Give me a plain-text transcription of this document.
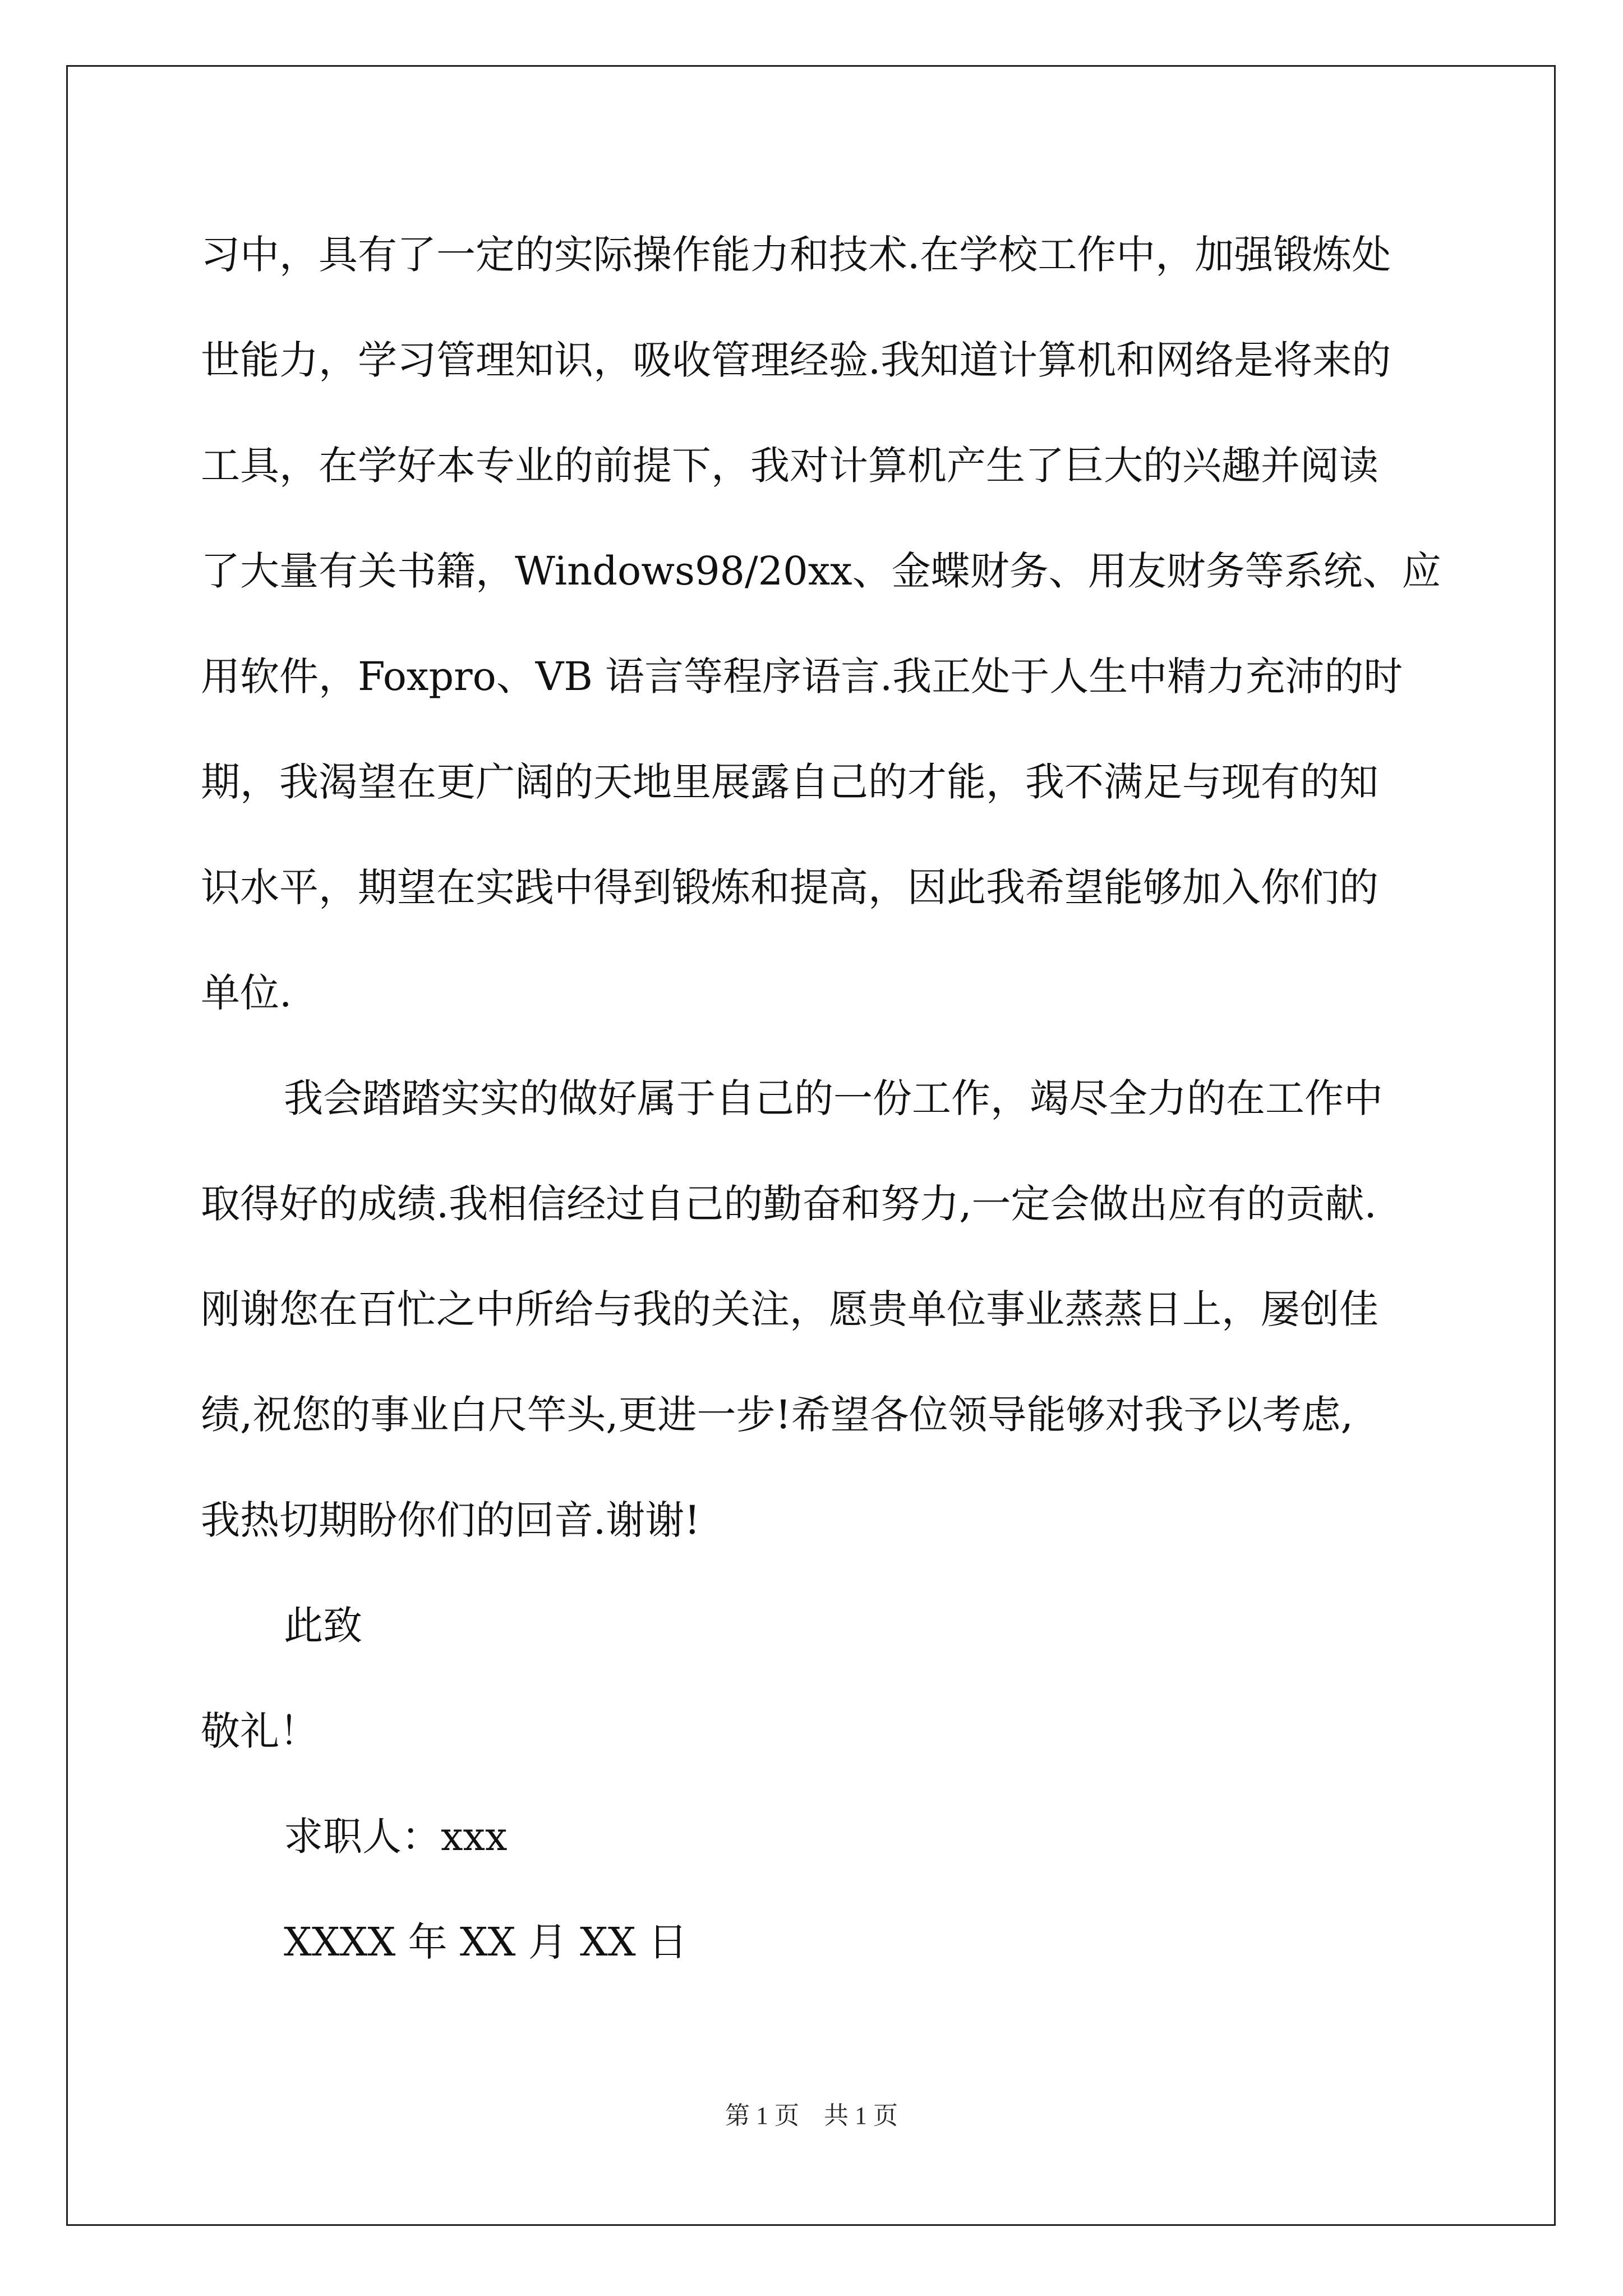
习中，具有了一定的实际操作能力和技术.在学校工作中，加强锻炼处
世能力，学习管理知识，吸收管理经验.我知道计算机和网络是将来的
工具，在学好本专业的前提下，我对计算机产生了巨大的兴趣并阅读
了大量有关书籍，Windows98/20xx、金蝶财务、用友财务等系统、应
用软件，Foxpro、VB 语言等程序语言.我正处于人生中精力充沛的时
期，我渴望在更广阔的天地里展露自己的才能，我不满足与现有的知
识水平，期望在实践中得到锻炼和提高，因此我希望能够加入你们的
单位.
我会踏踏实实的做好属于自己的一份工作，竭尽全力的在工作中
取得好的成绩.我相信经过自己的勤奋和努力,一定会做出应有的贡献.
刚谢您在百忙之中所给与我的关注，愿贵单位事业蒸蒸日上，屡创佳
绩,祝您的事业白尺竿头,更进一步!希望各位领导能够对我予以考虑,
我热切期盼你们的回音.谢谢!
此致
敬礼！
求职人：xxx
XXXX 年 XX 月 XX 日
第 1 页　共 1 页
